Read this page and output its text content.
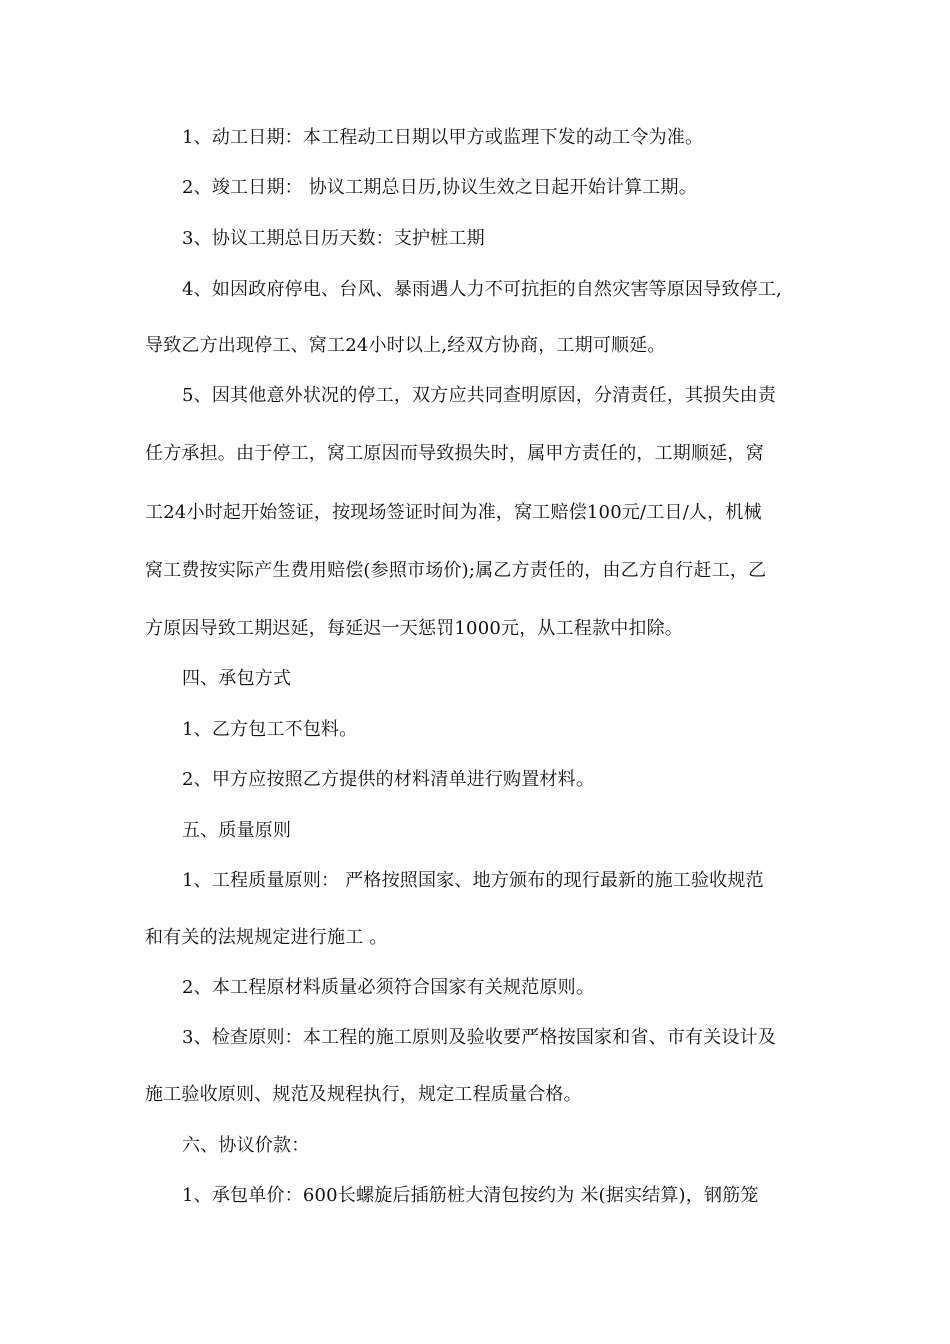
1、动工日期：本工程动工日期以甲方或监理下发的动工令为准。
2、竣工日期： 协议工期总日历,协议生效之日起开始计算工期。
3、协议工期总日历天数：支护桩工期
4、如因政府停电、台风、暴雨遇人力不可抗拒的自然灾害等原因导致停工,
导致乙方出现停工、窝工24小时以上,经双方协商，工期可顺延。
5、因其他意外状况的停工，双方应共同查明原因，分清责任，其损失由责
任方承担。由于停工，窝工原因而导致损失时，属甲方责任的，工期顺延，窝
工24小时起开始签证，按现场签证时间为准，窝工赔偿100元/工日/人，机械
窝工费按实际产生费用赔偿(参照市场价);属乙方责任的，由乙方自行赶工，乙
方原因导致工期迟延，每延迟一天惩罚1000元，从工程款中扣除。
四、承包方式
1、乙方包工不包料。
2、甲方应按照乙方提供的材料清单进行购置材料。
五、质量原则
1、工程质量原则： 严格按照国家、地方颁布的现行最新的施工验收规范
和有关的法规规定进行施工 。
2、本工程原材料质量必须符合国家有关规范原则。
3、检查原则：本工程的施工原则及验收要严格按国家和省、市有关设计及
施工验收原则、规范及规程执行，规定工程质量合格。
六、协议价款：
1、承包单价：600长螺旋后插筋桩大清包按约为 米(据实结算)，钢筋笼
